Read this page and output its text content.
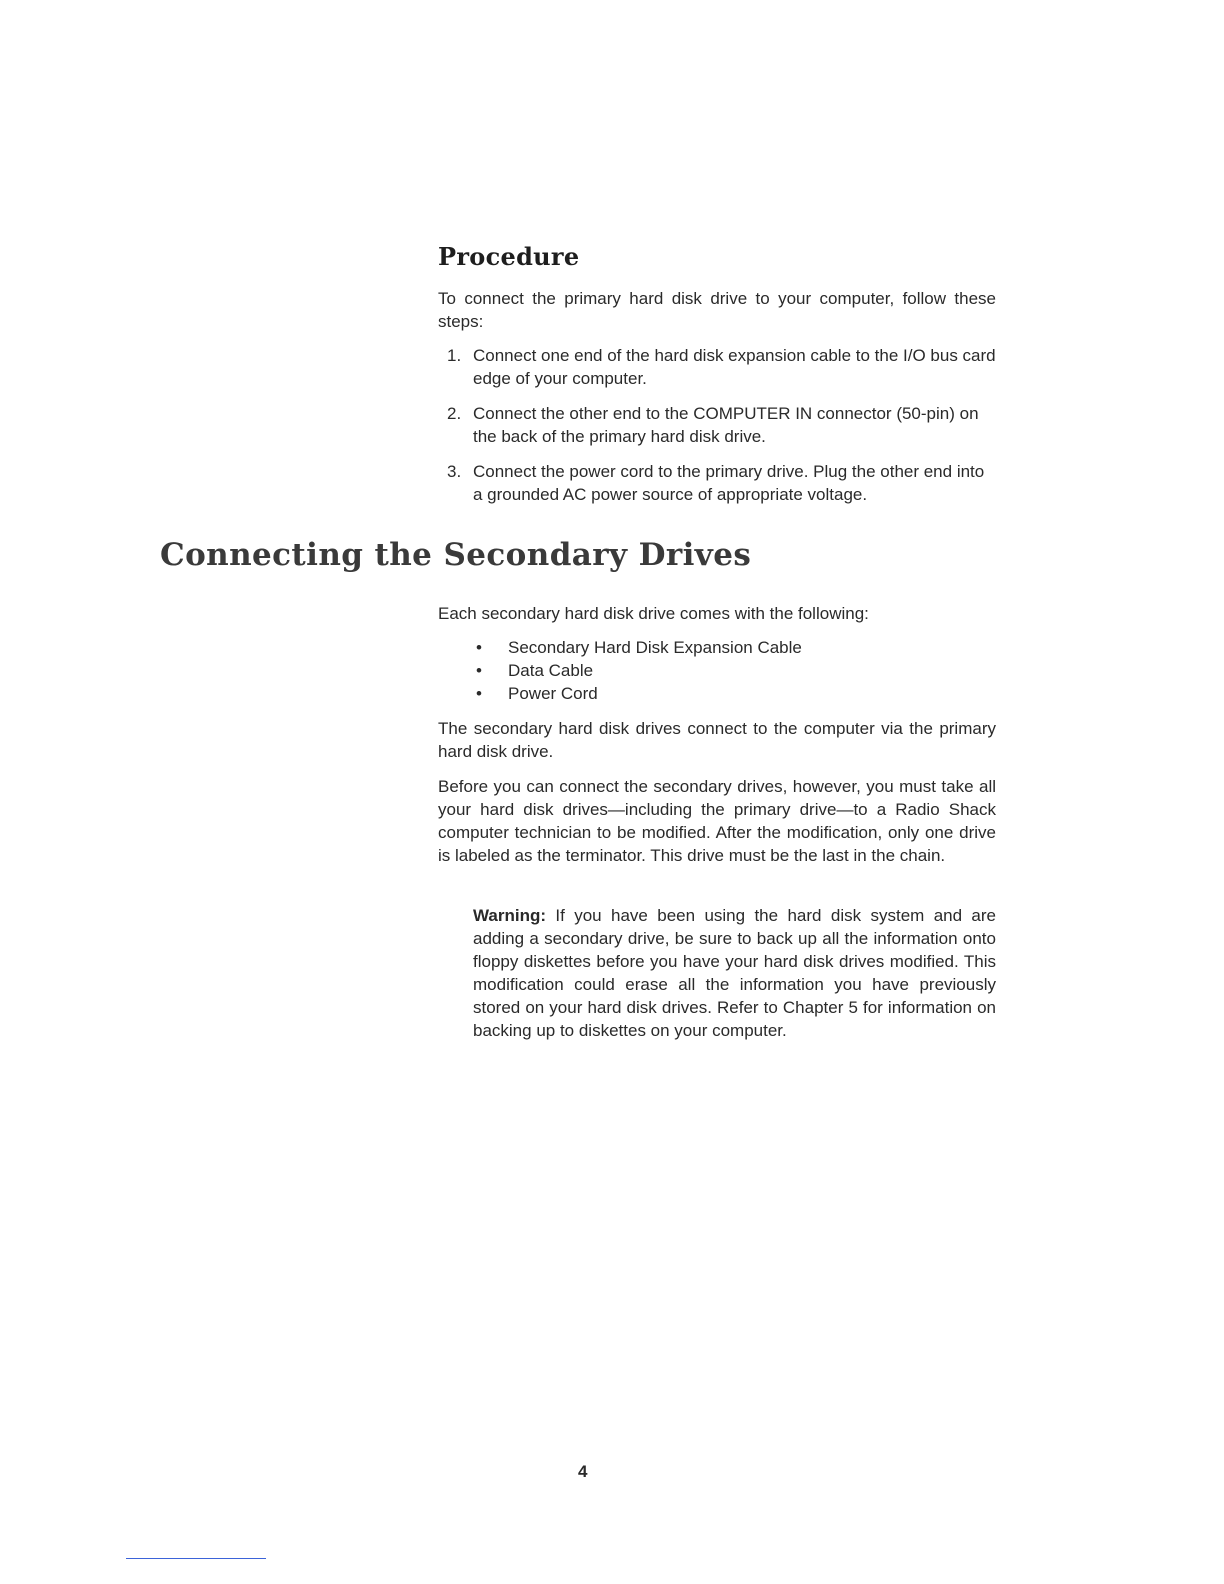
Procedure

To connect the primary hard disk drive to your computer, follow these steps:

1. Connect one end of the hard disk expansion cable to the I/O bus card edge of your computer.
2. Connect the other end to the COMPUTER IN connector (50-pin) on the back of the primary hard disk drive.
3. Connect the power cord to the primary drive. Plug the other end into a grounded AC power source of appropriate voltage.
Connecting the Secondary Drives

Each secondary hard disk drive comes with the following:

• Secondary Hard Disk Expansion Cable
• Data Cable
• Power Cord

The secondary hard disk drives connect to the computer via the primary hard disk drive.

Before you can connect the secondary drives, however, you must take all your hard disk drives—including the primary drive—to a Radio Shack computer technician to be modified. After the modification, only one drive is labeled as the terminator. This drive must be the last in the chain.

Warning: If you have been using the hard disk system and are adding a secondary drive, be sure to back up all the information onto floppy diskettes before you have your hard disk drives modified. This modification could erase all the information you have previously stored on your hard disk drives. Refer to Chapter 5 for information on backing up to diskettes on your computer.

4
